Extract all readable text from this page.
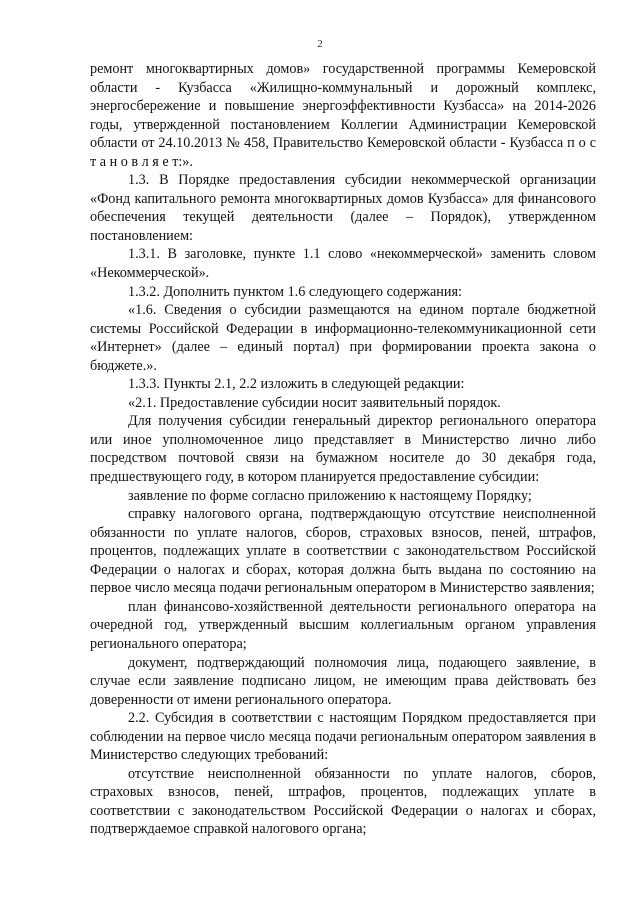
2

ремонт многоквартирных домов» государственной программы Кемеровской области - Кузбасса «Жилищно-коммунальный и дорожный комплекс, энергосбережение и повышение энергоэффективности Кузбасса» на 2014-2026 годы, утвержденной постановлением Коллегии Администрации Кемеровской области от 24.10.2013 № 458, Правительство Кемеровской области - Кузбасса п о с т а н о в л я е т:».

1.3. В Порядке предоставления субсидии некоммерческой организации «Фонд капитального ремонта многоквартирных домов Кузбасса» для финансового обеспечения текущей деятельности (далее – Порядок), утвержденном постановлением:

1.3.1. В заголовке, пункте 1.1 слово «некоммерческой» заменить словом «Некоммерческой».

1.3.2. Дополнить пунктом 1.6 следующего содержания:

«1.6. Сведения о субсидии размещаются на едином портале бюджетной системы Российской Федерации в информационно-телекоммуникационной сети «Интернет» (далее – единый портал) при формировании проекта закона о бюджете.».

1.3.3. Пункты 2.1, 2.2 изложить в следующей редакции:

«2.1. Предоставление субсидии носит заявительный порядок.

Для получения субсидии генеральный директор регионального оператора или иное уполномоченное лицо представляет в Министерство лично либо посредством почтовой связи на бумажном носителе до 30 декабря года, предшествующего году, в котором планируется предоставление субсидии:

заявление по форме согласно приложению к настоящему Порядку;

справку налогового органа, подтверждающую отсутствие неисполненной обязанности по уплате налогов, сборов, страховых взносов, пеней, штрафов, процентов, подлежащих уплате в соответствии с законодательством Российской Федерации о налогах и сборах, которая должна быть выдана по состоянию на первое число месяца подачи региональным оператором в Министерство заявления;

план финансово-хозяйственной деятельности регионального оператора на очередной год, утвержденный высшим коллегиальным органом управления регионального оператора;

документ, подтверждающий полномочия лица, подающего заявление, в случае если заявление подписано лицом, не имеющим права действовать без доверенности от имени регионального оператора.

2.2. Субсидия в соответствии с настоящим Порядком предоставляется при соблюдении на первое число месяца подачи региональным оператором заявления в Министерство следующих требований:

отсутствие неисполненной обязанности по уплате налогов, сборов, страховых взносов, пеней, штрафов, процентов, подлежащих уплате в соответствии с законодательством Российской Федерации о налогах и сборах, подтверждаемое справкой налогового органа;
